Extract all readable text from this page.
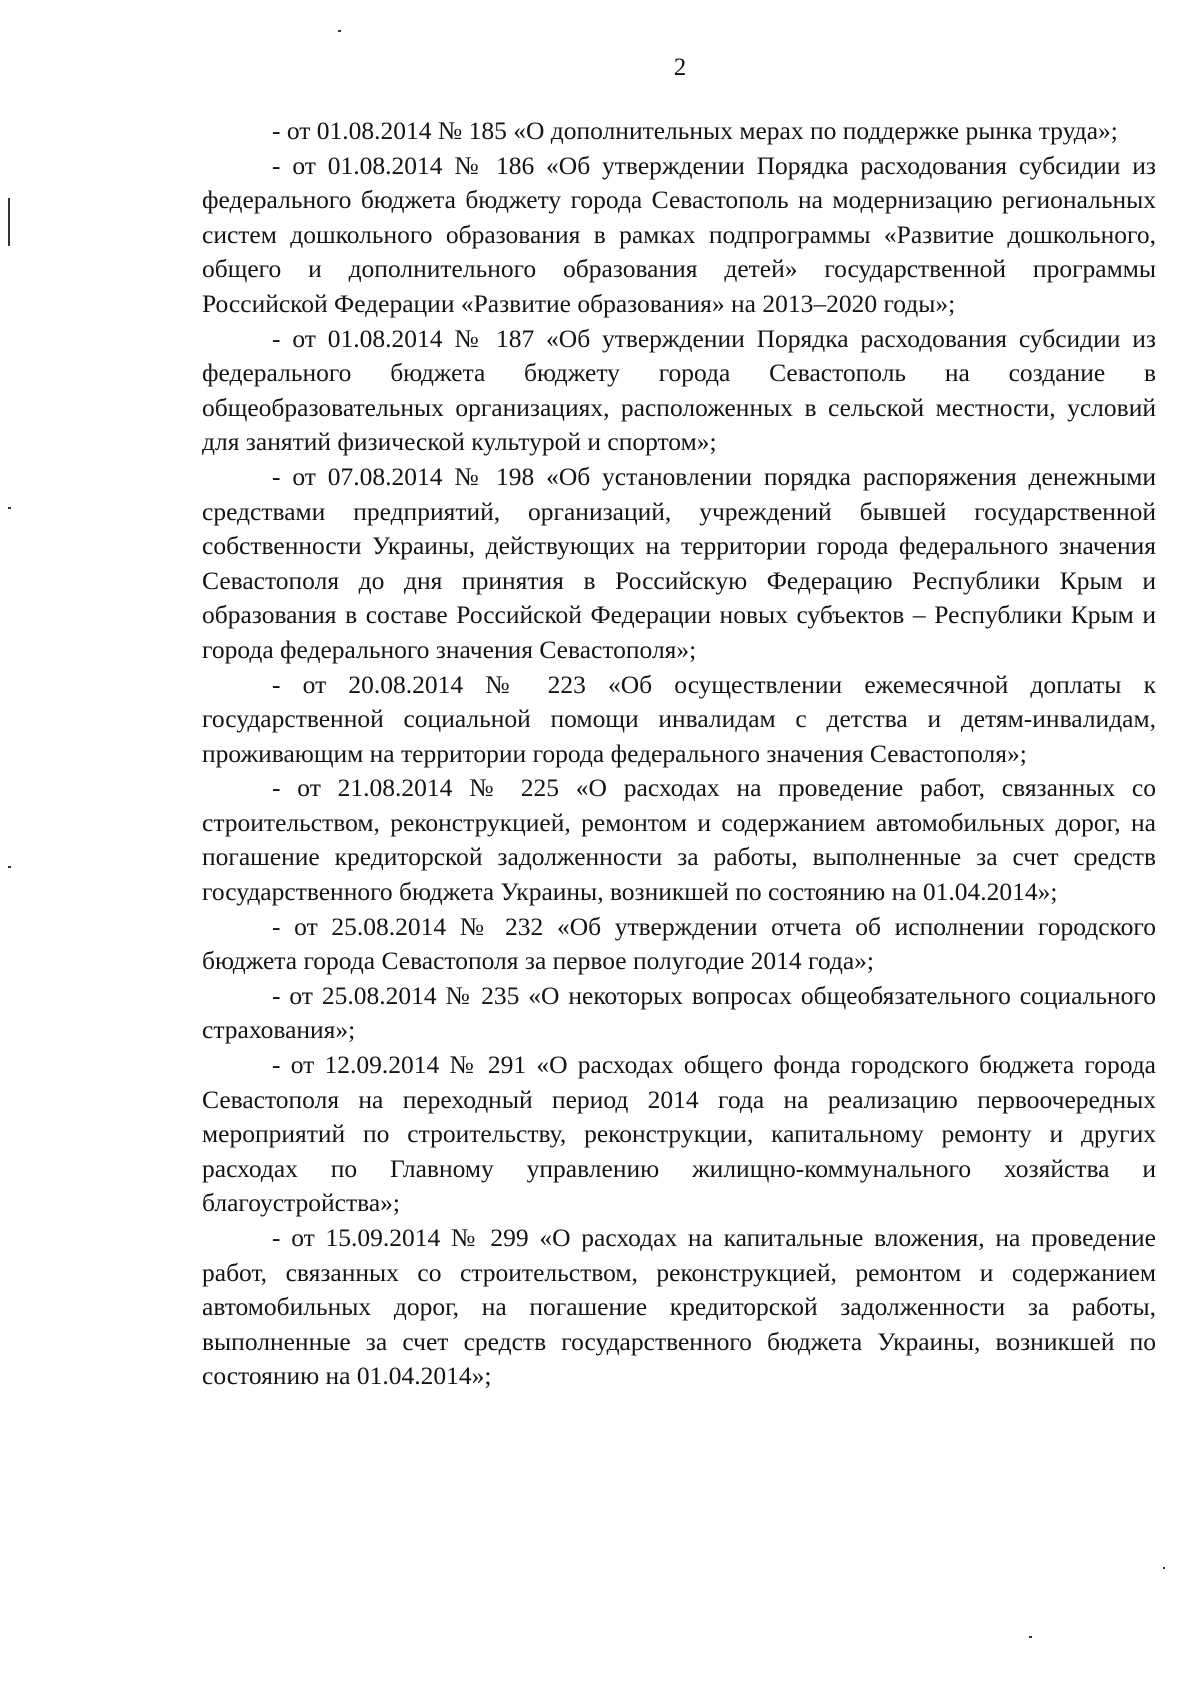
2

- от 01.08.2014 № 185 «О дополнительных мерах по поддержке рынка труда»;

- от 01.08.2014 № 186 «Об утверждении Порядка расходования субсидии из федерального бюджета бюджету города Севастополь на модернизацию региональных систем дошкольного образования в рамках подпрограммы «Развитие дошкольного, общего и дополнительного образования детей» государственной программы Российской Федерации «Развитие образования» на 2013–2020 годы»;

- от 01.08.2014 № 187 «Об утверждении Порядка расходования субсидии из федерального бюджета бюджету города Севастополь на создание в общеобразовательных организациях, расположенных в сельской местности, условий для занятий физической культурой и спортом»;

- от 07.08.2014 № 198 «Об установлении порядка распоряжения денежными средствами предприятий, организаций, учреждений бывшей государственной собственности Украины, действующих на территории города федерального значения Севастополя до дня принятия в Российскую Федерацию Республики Крым и образования в составе Российской Федерации новых субъектов – Республики Крым и города федерального значения Севастополя»;

- от 20.08.2014 № 223 «Об осуществлении ежемесячной доплаты к государственной социальной помощи инвалидам с детства и детям-инвалидам, проживающим на территории города федерального значения Севастополя»;

- от 21.08.2014 № 225 «О расходах на проведение работ, связанных со строительством, реконструкцией, ремонтом и содержанием автомобильных дорог, на погашение кредиторской задолженности за работы, выполненные за счет средств государственного бюджета Украины, возникшей по состоянию на 01.04.2014»;

- от 25.08.2014 № 232 «Об утверждении отчета об исполнении городского бюджета города Севастополя за первое полугодие 2014 года»;

- от 25.08.2014 № 235 «О некоторых вопросах общеобязательного социального страхования»;

- от 12.09.2014 № 291 «О расходах общего фонда городского бюджета города Севастополя на переходный период 2014 года на реализацию первоочередных мероприятий по строительству, реконструкции, капитальному ремонту и других расходах по Главному управлению жилищно-коммунального хозяйства и благоустройства»;

- от 15.09.2014 № 299 «О расходах на капитальные вложения, на проведение работ, связанных со строительством, реконструкцией, ремонтом и содержанием автомобильных дорог, на погашение кредиторской задолженности за работы, выполненные за счет средств государственного бюджета Украины, возникшей по состоянию на 01.04.2014»;
